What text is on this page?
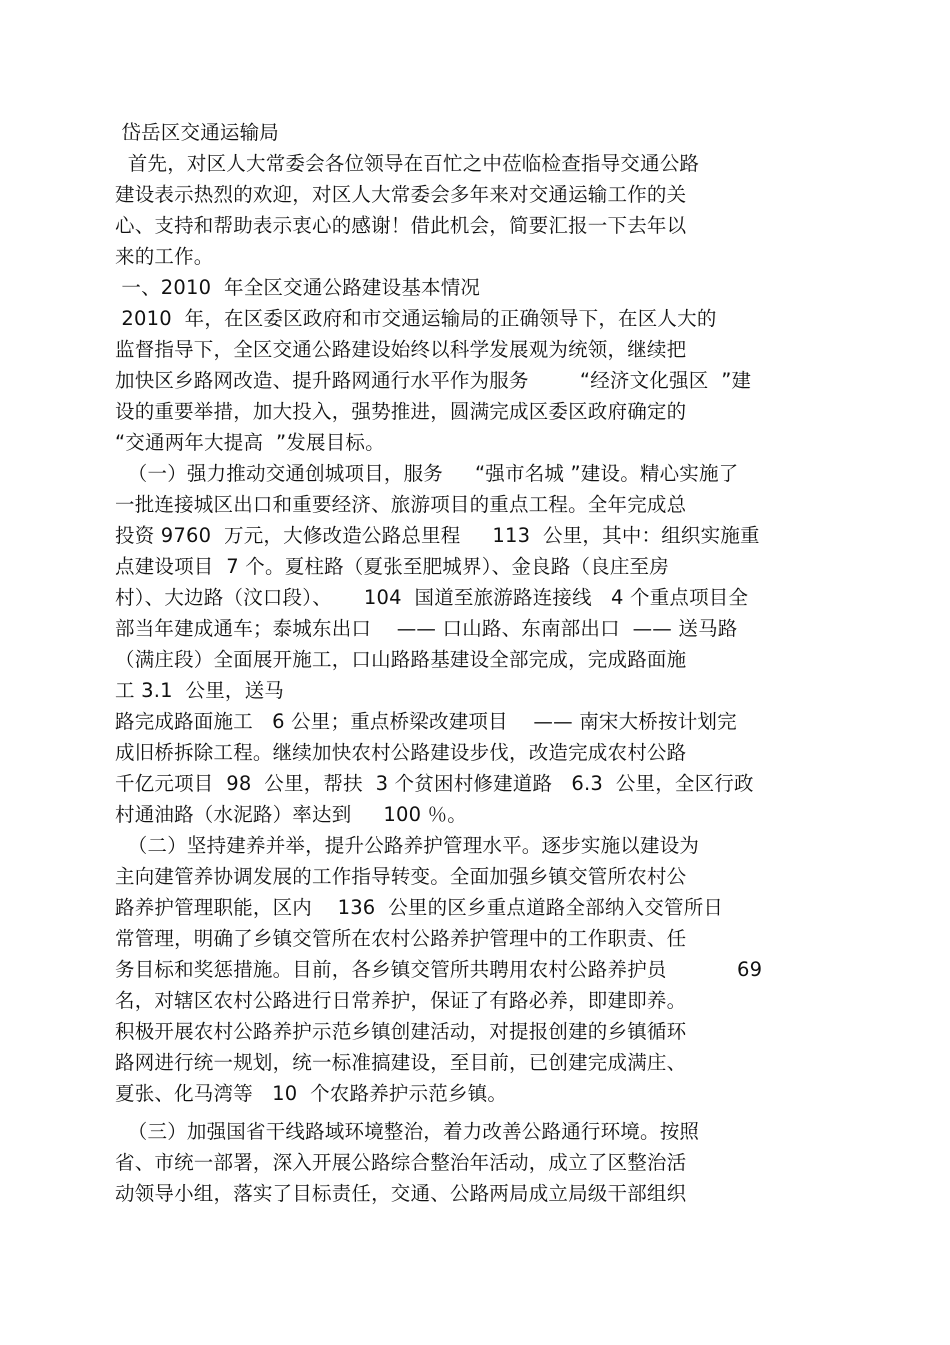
岱岳区交通运输局
首先，对区人大常委会各位领导在百忙之中莅临检查指导交通公路
建设表示热烈的欢迎，对区人大常委会多年来对交通运输工作的关
心、支持和帮助表示衷心的感谢！借此机会，简要汇报一下去年以
来的工作。
一、2010  年全区交通公路建设基本情况
2010  年，在区委区政府和市交通运输局的正确领导下，在区人大的
监督指导下，全区交通公路建设始终以科学发展观为统领，继续把
加快区乡路网改造、提升路网通行水平作为服务        “经济文化强区  ”建
设的重要举措，加大投入，强势推进，圆满完成区委区政府确定的
“交通两年大提高  ”发展目标。
（一）强力推动交通创城项目，服务     “强市名城 ”建设。精心实施了
一批连接城区出口和重要经济、旅游项目的重点工程。全年完成总
投资 9760  万元，大修改造公路总里程     113  公里，其中：组织实施重
点建设项目  7 个。夏柱路（夏张至肥城界）、金良路（良庄至房
村）、大边路（汶口段）、     104  国道至旅游路连接线   4 个重点项目全
部当年建成通车；泰城东出口    —— 口山路、东南部出口  —— 送马路
（满庄段）全面展开施工，口山路路基建设全部完成，完成路面施
工 3.1  公里，送马
路完成路面施工   6 公里；重点桥梁改建项目    —— 南宋大桥按计划完
成旧桥拆除工程。继续加快农村公路建设步伐，改造完成农村公路
千亿元项目  98  公里，帮扶  3 个贫困村修建道路   6.3  公里，全区行政
村通油路（水泥路）率达到     100 ％。
（二）坚持建养并举，提升公路养护管理水平。逐步实施以建设为
主向建管养协调发展的工作指导转变。全面加强乡镇交管所农村公
路养护管理职能，区内    136  公里的区乡重点道路全部纳入交管所日
常管理，明确了乡镇交管所在农村公路养护管理中的工作职责、任
务目标和奖惩措施。目前，各乡镇交管所共聘用农村公路养护员           69
名，对辖区农村公路进行日常养护，保证了有路必养，即建即养。
积极开展农村公路养护示范乡镇创建活动，对提报创建的乡镇循环
路网进行统一规划，统一标准搞建设，至目前，已创建完成满庄、
夏张、化马湾等   10  个农路养护示范乡镇。
（三）加强国省干线路域环境整治，着力改善公路通行环境。按照
省、市统一部署，深入开展公路综合整治年活动，成立了区整治活
动领导小组，落实了目标责任，交通、公路两局成立局级干部组织
